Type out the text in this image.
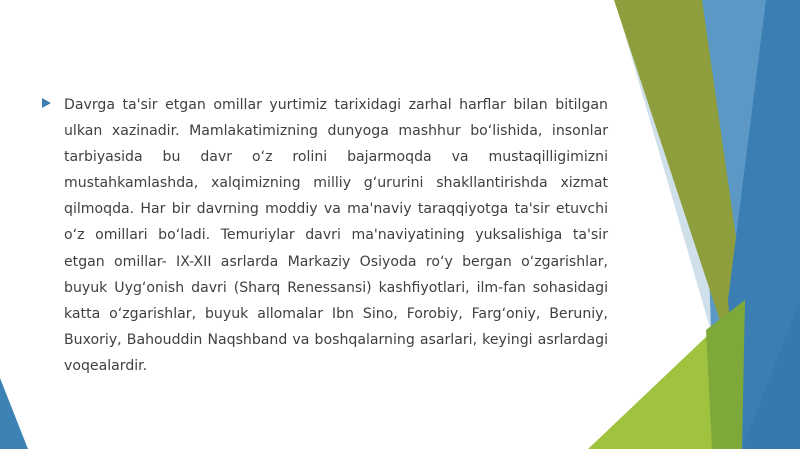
Davrga ta'sir etgan omillar yurtimiz tarixidagi zarhal harflar bilan bitilgan ulkan xazinadir. Mamlakatimizning dunyoga mashhur bo‘lishida, insonlar tarbiyasida bu davr o‘z rolini bajarmoqda va mustaqilligimizni mustahkamlashda, xalqimizning milliy g‘ururini shakllantirishda xizmat qilmoqda. Har bir davrning moddiy va ma'naviy taraqqiyotga ta'sir etuvchi o‘z omillari bo‘ladi. Temuriylar davri ma'naviyatining yuksalishiga ta'sir etgan omillar- IX-XII asrlarda Markaziy Osiyoda ro‘y bergan o‘zgarishlar, buyuk Uyg‘onish davri (Sharq Renessansi) kashfiyotlari, ilm-fan sohasidagi katta o‘zgarishlar, buyuk allomalar Ibn Sino, Forobiy, Farg‘oniy, Beruniy, Buxoriy, Bahouddin Naqshband va boshqalarning asarlari, keyingi asrlardagi voqealardir.
